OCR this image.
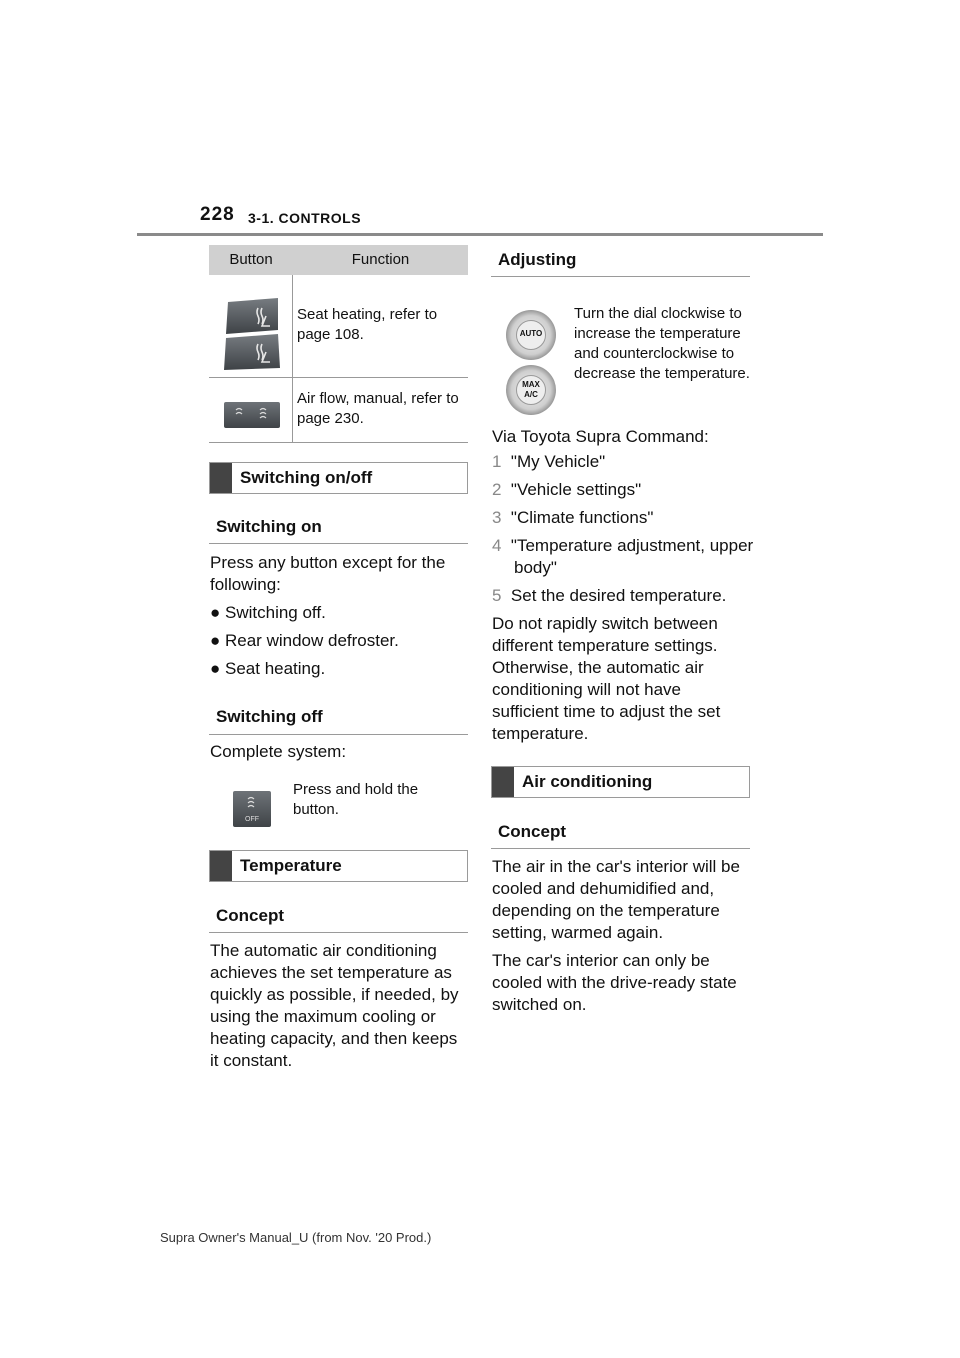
228 3-1. CONTROLS
Button	Function
Seat heating, refer to page 108.
Air flow, manual, refer to page 230.
Switching on/off
Switching on
Press any button except for the following:
● Switching off.
● Rear window defroster.
● Seat heating.
Switching off
Complete system:
OFF
Press and hold the button.
Temperature
Concept
The automatic air conditioning achieves the set temperature as quickly as possible, if needed, by using the maximum cooling or heating capacity, and then keeps it constant.
Adjusting
AUTO
MAX A/C
Turn the dial clockwise to increase the temperature and counterclockwise to decrease the temperature.
Via Toyota Supra Command:
1 "My Vehicle"
2 "Vehicle settings"
3 "Climate functions"
4 "Temperature adjustment, upper body"
5 Set the desired temperature.
Do not rapidly switch between different temperature settings. Otherwise, the automatic air conditioning will not have sufficient time to adjust the set temperature.
Air conditioning
Concept
The air in the car's interior will be cooled and dehumidified and, depending on the temperature setting, warmed again.
The car's interior can only be cooled with the drive-ready state switched on.
Supra Owner's Manual_U (from Nov. '20 Prod.)
